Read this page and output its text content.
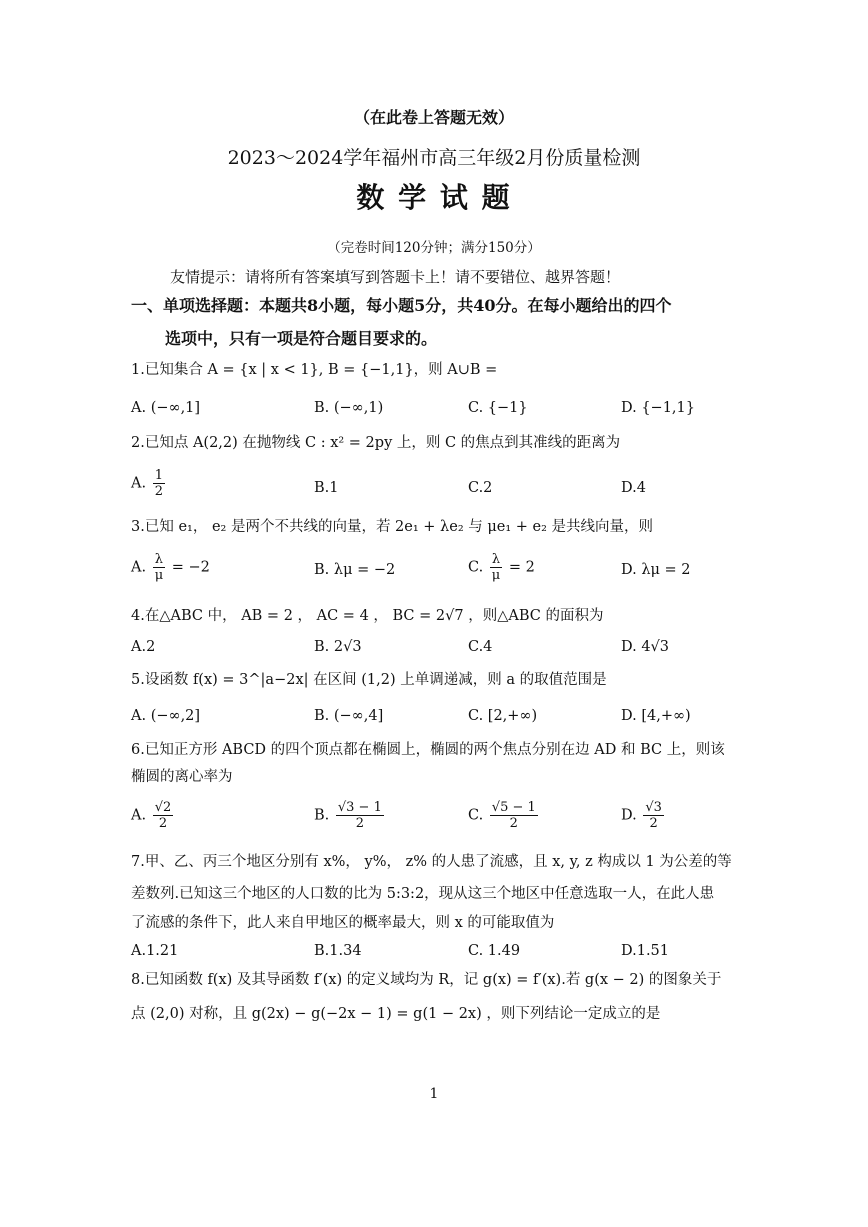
（在此卷上答题无效）
2023～2024学年福州市高三年级2月份质量检测
数 学 试 题
（完卷时间120分钟；满分150分）
友情提示：请将所有答案填写到答题卡上！请不要错位、越界答题！
一、单项选择题：本题共8小题，每小题5分，共40分。在每小题给出的四个
选项中，只有一项是符合题目要求的。
1.已知集合 A = {x | x < 1}, B = {−1,1}，则 A∪B =
A. (−∞,1]	B. (−∞,1)	C. {−1}	D. {−1,1}
2.已知点 A(2,2) 在抛物线 C : x² = 2py 上，则 C 的焦点到其准线的距离为
A. $\frac{1}{2}$	B.1	C.2	D.4
3.已知 e₁， e₂ 是两个不共线的向量，若 2e₁ + λe₂ 与 μe₁ + e₂ 是共线向量，则
A. $\frac{\lambda}{\mu} = -2$	B. λμ = −2	C. $\frac{\lambda}{\mu} = 2$	D. λμ = 2
4.在△ABC 中， AB = 2 ， AC = 4 ， BC = 2√7 ，则△ABC 的面积为
A.2	B. 2√3	C.4	D. 4√3
5.设函数 f(x) = 3^|a−2x| 在区间 (1,2) 上单调递减，则 a 的取值范围是
A. (−∞,2]	B. (−∞,4]	C. [2,+∞)	D. [4,+∞)
6.已知正方形 ABCD 的四个顶点都在椭圆上，椭圆的两个焦点分别在边 AD 和 BC 上，则该
椭圆的离心率为
A. $\frac{√2}{2}$	B. $\frac{√3 - 1}{2}$	C. $\frac{√5 - 1}{2}$	D. $\frac{√3}{2}$
7.甲、乙、丙三个地区分别有 x%， y%， z% 的人患了流感，且 x, y, z 构成以 1 为公差的等
差数列.已知这三个地区的人口数的比为 5:3:2，现从这三个地区中任意选取一人，在此人患
了流感的条件下，此人来自甲地区的概率最大，则 x 的可能取值为
A.1.21	B.1.34	C. 1.49	D.1.51
8.已知函数 f(x) 及其导函数 f′(x) 的定义域均为 R，记 g(x) = f′(x).若 g(x − 2) 的图象关于
点 (2,0) 对称，且 g(2x) − g(−2x − 1) = g(1 − 2x) ，则下列结论一定成立的是
1
